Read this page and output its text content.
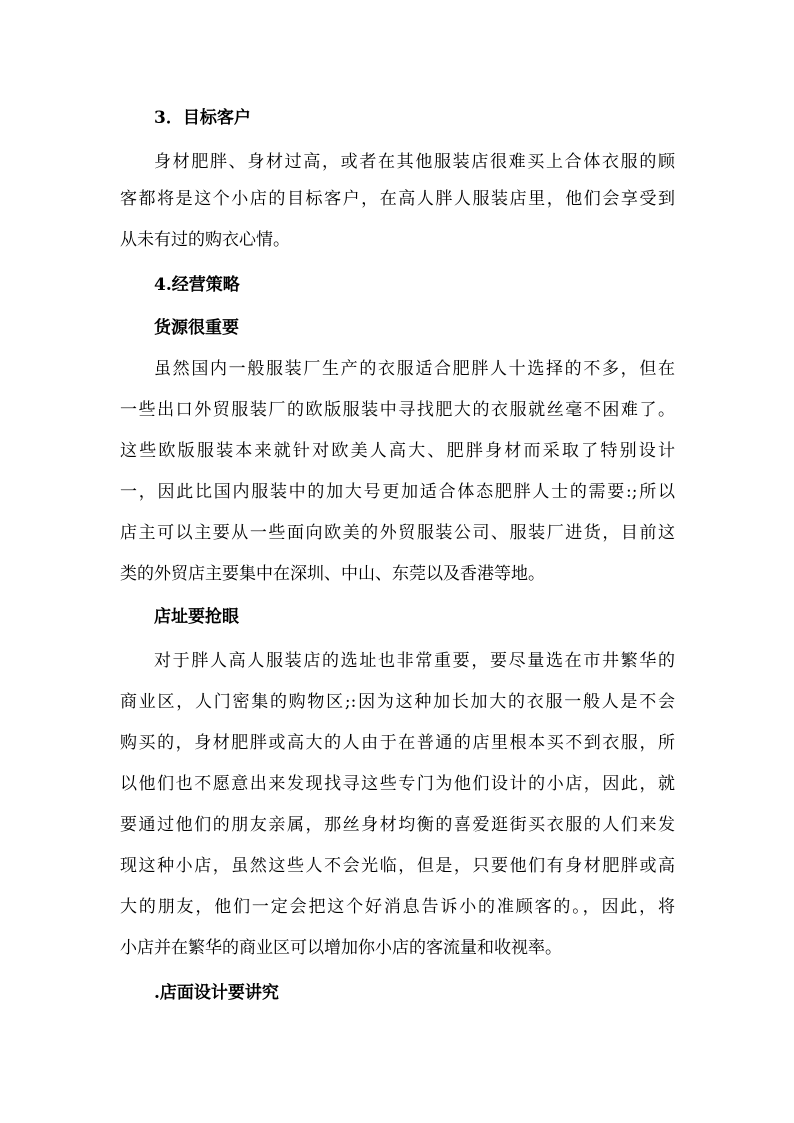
3．目标客户
身材肥胖、身材过高，或者在其他服装店很难买上合体衣服的顾
客都将是这个小店的目标客户，在高人胖人服装店里，他们会享受到
从未有过的购衣心情。
4.经营策略
货源很重要
虽然国内一般服装厂生产的衣服适合肥胖人十选择的不多，但在
一些出口外贸服装厂的欧版服装中寻找肥大的衣服就丝毫不困难了。
这些欧版服装本来就针对欧美人高大、肥胖身材而采取了特别设计
一，因此比国内服装中的加大号更加适合体态肥胖人士的需要:;所以
店主可以主要从一些面向欧美的外贸服装公司、服装厂进货，目前这
类的外贸店主要集中在深圳、中山、东莞以及香港等地。
店址要抢眼
对于胖人高人服装店的选址也非常重要，要尽量选在市井繁华的
商业区，人门密集的购物区;:因为这种加长加大的衣服一般人是不会
购买的，身材肥胖或高大的人由于在普通的店里根本买不到衣服，所
以他们也不愿意出来发现找寻这些专门为他们设计的小店，因此，就
要通过他们的朋友亲属，那丝身材均衡的喜爱逛街买衣服的人们来发
现这种小店，虽然这些人不会光临，但是，只要他们有身材肥胖或高
大的朋友，他们一定会把这个好消息告诉小的准顾客的。，因此，将
小店并在繁华的商业区可以增加你小店的客流量和收视率。
.店面设计要讲究
